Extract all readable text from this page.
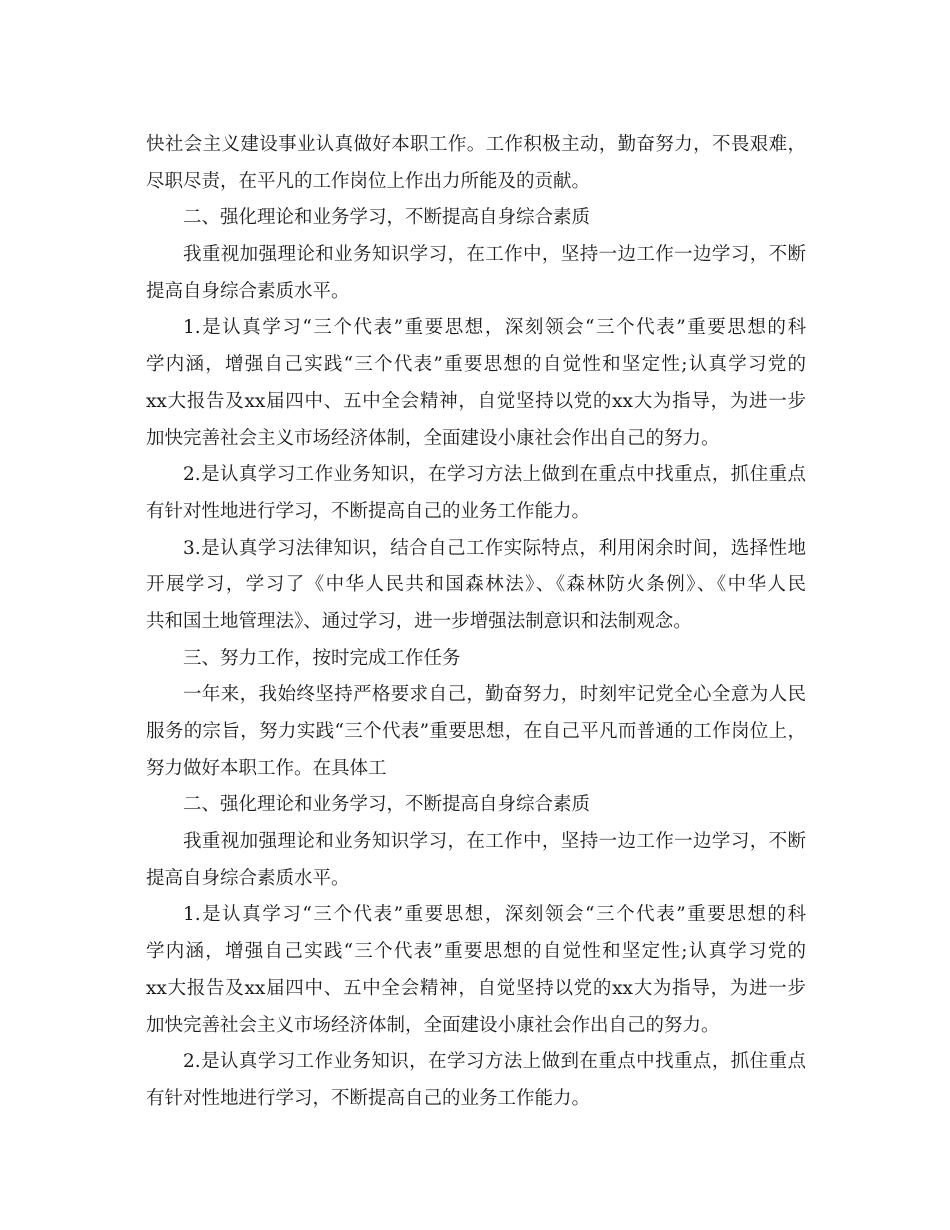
快社会主义建设事业认真做好本职工作。工作积极主动，勤奋努力，不畏艰难，
尽职尽责，在平凡的工作岗位上作出力所能及的贡献。
二、强化理论和业务学习，不断提高自身综合素质
我重视加强理论和业务知识学习，在工作中，坚持一边工作一边学习，不断
提高自身综合素质水平。
1.是认真学习“三个代表”重要思想，深刻领会“三个代表”重要思想的科
学内涵，增强自己实践“三个代表”重要思想的自觉性和坚定性;认真学习党的
xx大报告及xx届四中、五中全会精神，自觉坚持以党的xx大为指导，为进一步
加快完善社会主义市场经济体制，全面建设小康社会作出自己的努力。
2.是认真学习工作业务知识，在学习方法上做到在重点中找重点，抓住重点
有针对性地进行学习，不断提高自己的业务工作能力。
3.是认真学习法律知识，结合自己工作实际特点，利用闲余时间，选择性地
开展学习，学习了《中华人民共和国森林法》、《森林防火条例》、《中华人民
共和国土地管理法》、通过学习，进一步增强法制意识和法制观念。
三、努力工作，按时完成工作任务
一年来，我始终坚持严格要求自己，勤奋努力，时刻牢记党全心全意为人民
服务的宗旨，努力实践“三个代表”重要思想，在自己平凡而普通的工作岗位上，
努力做好本职工作。在具体工
二、强化理论和业务学习，不断提高自身综合素质
我重视加强理论和业务知识学习，在工作中，坚持一边工作一边学习，不断
提高自身综合素质水平。
1.是认真学习“三个代表”重要思想，深刻领会“三个代表”重要思想的科
学内涵，增强自己实践“三个代表”重要思想的自觉性和坚定性;认真学习党的
xx大报告及xx届四中、五中全会精神，自觉坚持以党的xx大为指导，为进一步
加快完善社会主义市场经济体制，全面建设小康社会作出自己的努力。
2.是认真学习工作业务知识，在学习方法上做到在重点中找重点，抓住重点
有针对性地进行学习，不断提高自己的业务工作能力。
